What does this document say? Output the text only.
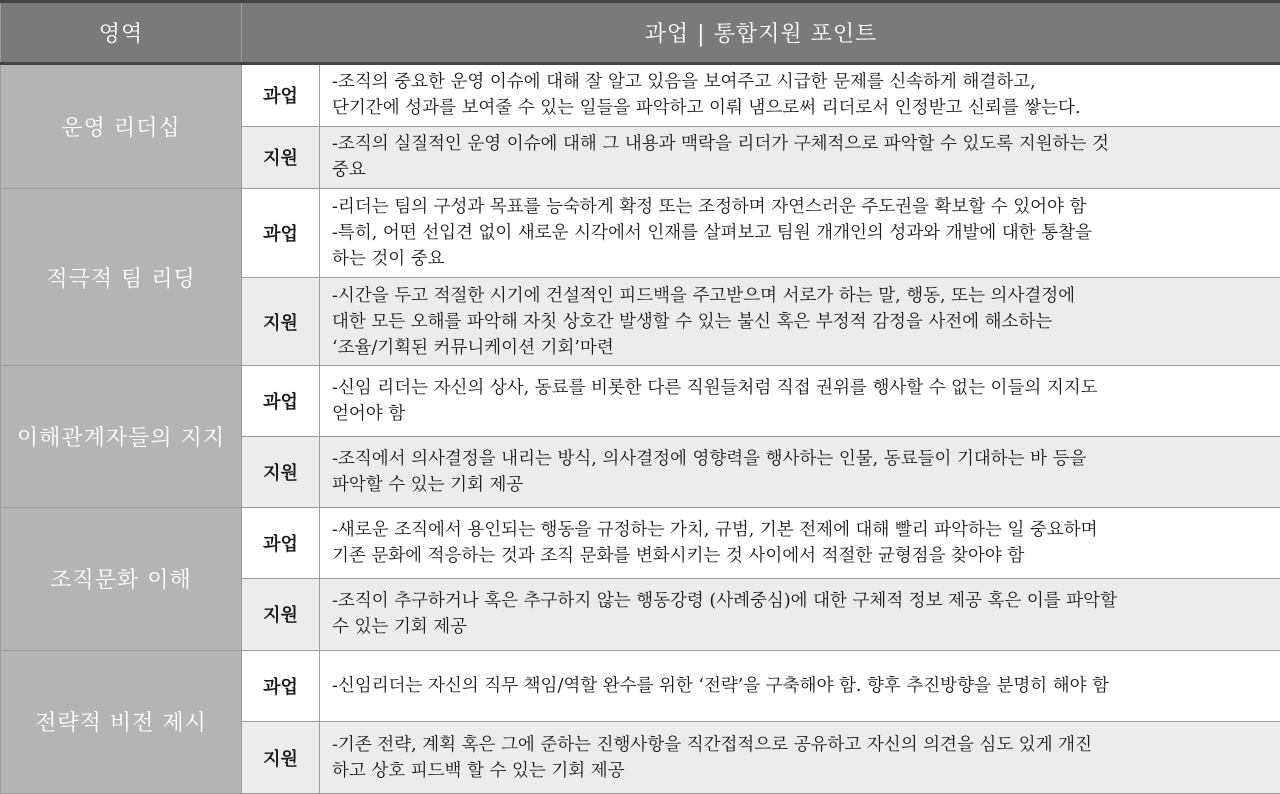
영역	과업 | 통합지원 포인트	
운영 리더십	과업	-조직의 중요한 운영 이슈에 대해 잘 알고 있음을 보여주고 시급한 문제를 신속하게 해결하고,
단기간에 성과를 보여줄 수 있는 일들을 파악하고 이뤄 냄으로써 리더로서 인정받고 신뢰를 쌓는다.
	지원	-조직의 실질적인 운영 이슈에 대해 그 내용과 맥락을 리더가 구체적으로 파악할 수 있도록 지원하는 것
중요
적극적 팀 리딩	과업	-리더는 팀의 구성과 목표를 능숙하게 확정 또는 조정하며 자연스러운 주도권을 확보할 수 있어야 함
-특히, 어떤 선입견 없이 새로운 시각에서 인재를 살펴보고 팀원 개개인의 성과와 개발에 대한 통찰을
하는 것이 중요
	지원	-시간을 두고 적절한 시기에 건설적인 피드백을 주고받으며 서로가 하는 말, 행동, 또는 의사결정에
대한 모든 오해를 파악해 자칫 상호간 발생할 수 있는 불신 혹은 부정적 감정을 사전에 해소하는
‘조율/기획된 커뮤니케이션 기회’마련
이해관계자들의 지지	과업	-신임 리더는 자신의 상사, 동료를 비롯한 다른 직원들처럼 직접 권위를 행사할 수 없는 이들의 지지도
얻어야 함
	지원	-조직에서 의사결정을 내리는 방식, 의사결정에 영향력을 행사하는 인물, 동료들이 기대하는 바 등을
파악할 수 있는 기회 제공
조직문화 이해	과업	-새로운 조직에서 용인되는 행동을 규정하는 가치, 규범, 기본 전제에 대해 빨리 파악하는 일 중요하며
기존 문화에 적응하는 것과 조직 문화를 변화시키는 것 사이에서 적절한 균형점을 찾아야 함
	지원	-조직이 추구하거나 혹은 추구하지 않는 행동강령 (사례중심)에 대한 구체적 정보 제공 혹은 이를 파악할
수 있는 기회 제공
전략적 비전 제시	과업	-신임리더는 자신의 직무 책임/역할 완수를 위한 ‘전략’을 구축해야 함. 향후 추진방향을 분명히 해야 함
	지원	-기존 전략, 계획 혹은 그에 준하는 진행사항을 직간접적으로 공유하고 자신의 의견을 심도 있게 개진
하고 상호 피드백 할 수 있는 기회 제공
